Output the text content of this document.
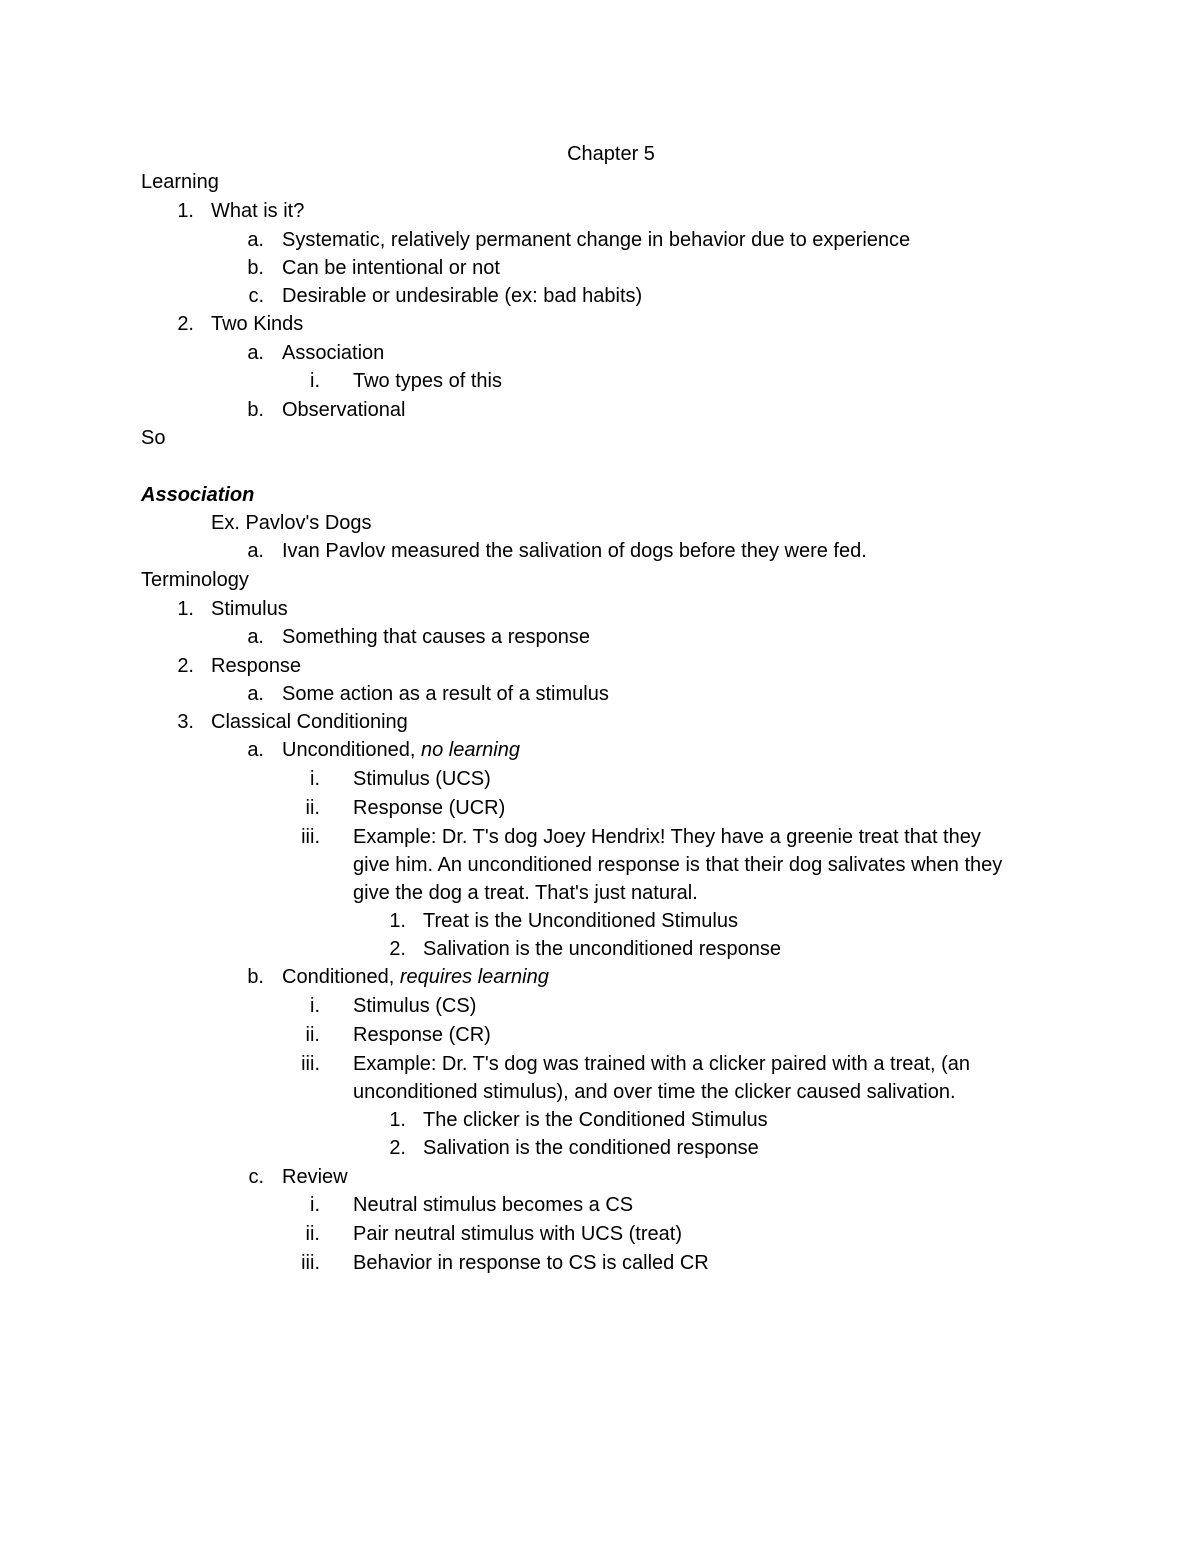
Chapter 5
Learning
1. What is it?
a. Systematic, relatively permanent change in behavior due to experience
b. Can be intentional or not
c. Desirable or undesirable (ex: bad habits)
2. Two Kinds
a. Association
i. Two types of this
b. Observational
So
Association
Ex. Pavlov's Dogs
a. Ivan Pavlov measured the salivation of dogs before they were fed.
Terminology
1. Stimulus
a. Something that causes a response
2. Response
a. Some action as a result of a stimulus
3. Classical Conditioning
a. Unconditioned, no learning
i. Stimulus (UCS)
ii. Response (UCR)
iii. Example: Dr. T's dog Joey Hendrix! They have a greenie treat that they
give him. An unconditioned response is that their dog salivates when they
give the dog a treat. That's just natural.
1. Treat is the Unconditioned Stimulus
2. Salivation is the unconditioned response
b. Conditioned, requires learning
i. Stimulus (CS)
ii. Response (CR)
iii. Example: Dr. T's dog was trained with a clicker paired with a treat, (an
unconditioned stimulus), and over time the clicker caused salivation.
1. The clicker is the Conditioned Stimulus
2. Salivation is the conditioned response
c. Review
i. Neutral stimulus becomes a CS
ii. Pair neutral stimulus with UCS (treat)
iii. Behavior in response to CS is called CR
